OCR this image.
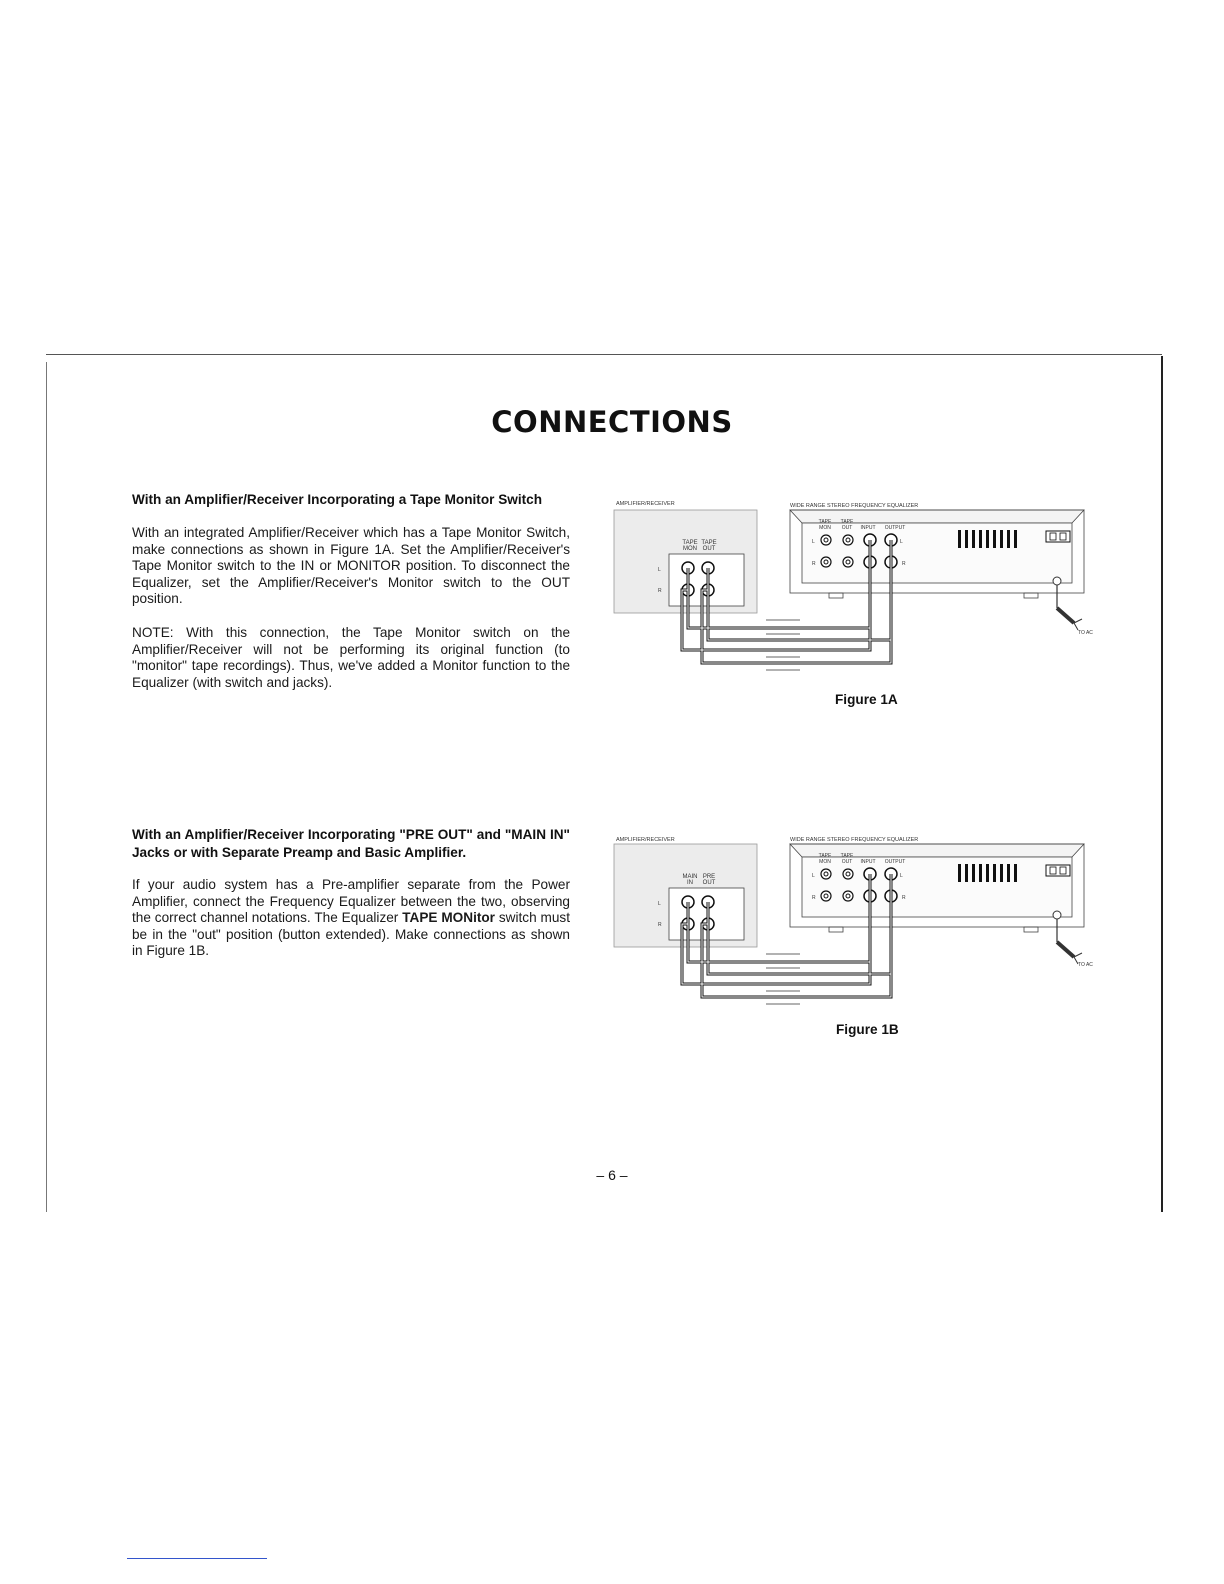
CONNECTIONS
With an Amplifier/Receiver Incorporating a Tape Monitor Switch
With an integrated Amplifier/Receiver which has a Tape Monitor Switch, make connections as shown in Figure 1A. Set the Amplifier/Receiver's Tape Monitor switch to the IN or MONITOR position. To disconnect the Equalizer, set the Amplifier/Receiver's Monitor switch to the OUT position.
NOTE: With this connection, the Tape Monitor switch on the Amplifier/Receiver will not be performing its original function (to "monitor" tape recordings). Thus, we've added a Monitor function to the Equalizer (with switch and jacks).
AMPLIFIER/RECEIVER
TAPE
MON
TAPE
OUT
L
R
WIDE RANGE STEREO FREQUENCY EQUALIZER
TAPE
MON
TAPE
OUT INPUT OUTPUT
L
R
L
R
TO AC
Figure 1A
With an Amplifier/Receiver Incorporating "PRE OUT" and "MAIN IN" Jacks or with Separate Preamp and Basic Amplifier.
If your audio system has a Pre-amplifier separate from the Power Amplifier, connect the Frequency Equalizer between the two, observing the correct channel notations. The Equalizer TAPE MONitor switch must be in the "out" position (button extended). Make connections as shown in Figure 1B.
AMPLIFIER/RECEIVER
MAIN
IN
PRE
OUT
L
R
WIDE RANGE STEREO FREQUENCY EQUALIZER
TAPE
MON
TAPE
OUT INPUT OUTPUT
L
R
L
R
TO AC
Figure 1B
– 6 –
